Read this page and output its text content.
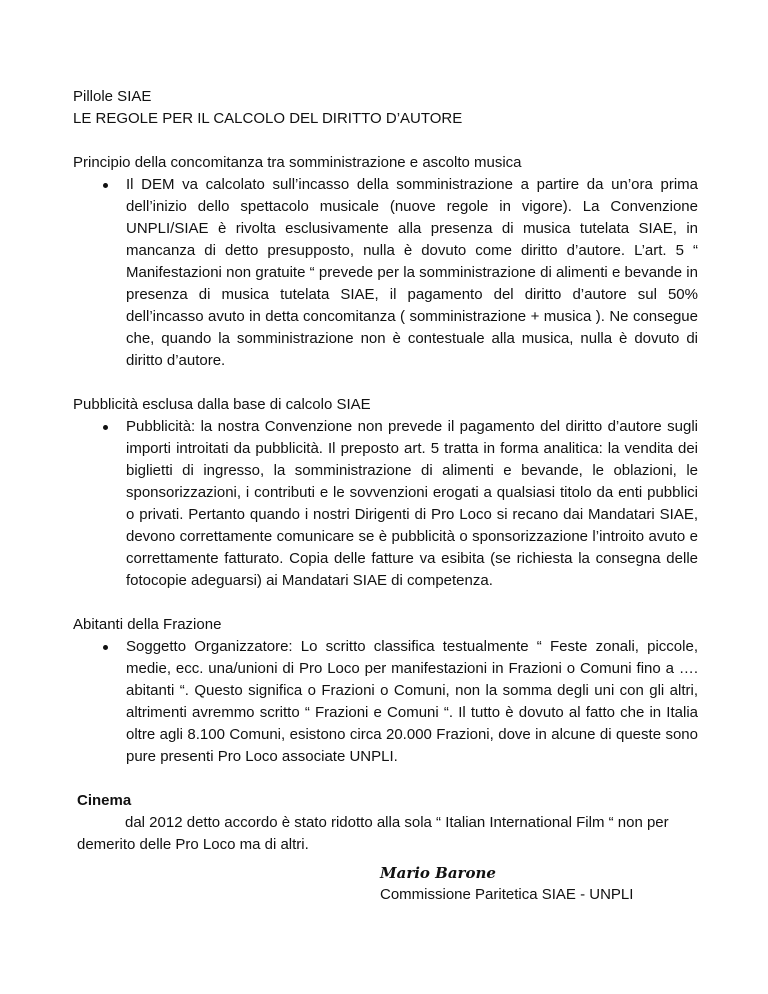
Pillole SIAE
LE REGOLE PER IL CALCOLO DEL DIRITTO D’AUTORE
Principio della concomitanza tra somministrazione e ascolto musica
Il DEM va calcolato sull’incasso della somministrazione a partire da un’ora prima dell’inizio dello spettacolo musicale (nuove regole in vigore). La Convenzione UNPLI/SIAE è rivolta esclusivamente alla presenza di musica tutelata SIAE, in mancanza di detto presupposto, nulla è dovuto come diritto d’autore. L’art. 5 “ Manifestazioni non gratuite “ prevede per la somministrazione di alimenti e bevande in presenza di musica tutelata SIAE, il pagamento del diritto d’autore sul 50% dell’incasso avuto in detta concomitanza ( somministrazione + musica ). Ne consegue che, quando la somministrazione non è contestuale alla musica, nulla è dovuto di diritto d’autore.
Pubblicità esclusa dalla base di calcolo SIAE
Pubblicità: la nostra Convenzione non prevede il pagamento del diritto d’autore sugli importi introitati da pubblicità. Il preposto art. 5 tratta in forma analitica: la vendita dei biglietti di ingresso, la somministrazione di alimenti e bevande, le oblazioni, le sponsorizzazioni, i contributi e le sovvenzioni erogati a qualsiasi titolo da enti pubblici o privati. Pertanto quando i nostri Dirigenti di Pro Loco si recano dai Mandatari SIAE, devono correttamente comunicare se è pubblicità o sponsorizzazione l’introito avuto e correttamente fatturato. Copia delle fatture va esibita (se richiesta la consegna delle fotocopie adeguarsi) ai Mandatari SIAE di competenza.
Abitanti della Frazione
Soggetto Organizzatore: Lo scritto classifica testualmente “ Feste zonali, piccole, medie, ecc. una/unioni di Pro Loco per manifestazioni in Frazioni o Comuni fino a …. abitanti “. Questo significa o Frazioni o Comuni, non la somma degli uni con gli altri, altrimenti avremmo scritto “ Frazioni e Comuni “. Il tutto è dovuto al fatto che in Italia oltre agli 8.100 Comuni, esistono circa 20.000 Frazioni, dove in alcune di queste sono pure presenti Pro Loco associate UNPLI.
Cinema
dal 2012 detto accordo è stato ridotto alla sola “ Italian International Film “ non per demerito delle Pro Loco ma di altri.
Mario Barone
Commissione Paritetica SIAE - UNPLI
